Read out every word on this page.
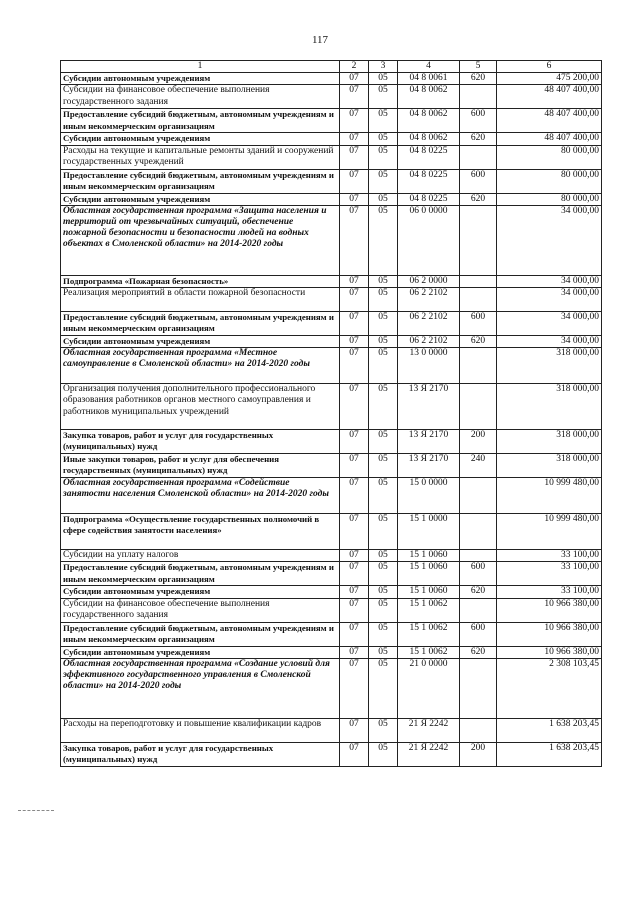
117
1	2	3	4	5	6
Субсидии автономным учреждениям	07	05	04 8 0061	620	475 200,00
Субсидии на финансовое обеспечение выполнения государственного задания	07	05	04 8 0062		48 407 400,00
Предоставление субсидий бюджетным, автономным учреждениям и иным некоммерческим организациям	07	05	04 8 0062	600	48 407 400,00
Субсидии автономным учреждениям	07	05	04 8 0062	620	48 407 400,00
Расходы на текущие и капитальные ремонты зданий и сооружений государственных учреждений	07	05	04 8 0225		80 000,00
Предоставление субсидий бюджетным, автономным учреждениям и иным некоммерческим организациям	07	05	04 8 0225	600	80 000,00
Субсидии автономным учреждениям	07	05	04 8 0225	620	80 000,00
Областная государственная программа «Защита населения и территорий от чрезвычайных ситуаций, обеспечение пожарной безопасности и безопасности людей на водных объектах в Смоленской области» на 2014-2020 годы	07	05	06 0 0000		34 000,00
Подпрограмма «Пожарная безопасность»	07	05	06 2 0000		34 000,00
Реализация мероприятий в области пожарной безопасности	07	05	06 2 2102		34 000,00
Предоставление субсидий бюджетным, автономным учреждениям и иным некоммерческим организациям	07	05	06 2 2102	600	34 000,00
Субсидии автономным учреждениям	07	05	06 2 2102	620	34 000,00
Областная государственная программа «Местное самоуправление в Смоленской области» на 2014-2020 годы	07	05	13 0 0000		318 000,00
Организация получения дополнительного профессионального образования работников органов местного самоуправления и работников муниципальных учреждений	07	05	13 Я 2170		318 000,00
Закупка товаров, работ и услуг для государственных (муниципальных) нужд	07	05	13 Я 2170	200	318 000,00
Иные закупки товаров, работ и услуг для обеспечения государственных (муниципальных) нужд	07	05	13 Я 2170	240	318 000,00
Областная государственная программа «Содействие занятости населения Смоленской области» на 2014-2020 годы	07	05	15 0 0000		10 999 480,00
Подпрограмма «Осуществление государственных полномочий в сфере содействия занятости населения»	07	05	15 1 0000		10 999 480,00
Субсидии на уплату налогов	07	05	15 1 0060		33 100,00
Предоставление субсидий бюджетным, автономным учреждениям и иным некоммерческим организациям	07	05	15 1 0060	600	33 100,00
Субсидии автономным учреждениям	07	05	15 1 0060	620	33 100,00
Субсидии на финансовое обеспечение выполнения государственного задания	07	05	15 1 0062		10 966 380,00
Предоставление субсидий бюджетным, автономным учреждениям и иным некоммерческим организациям	07	05	15 1 0062	600	10 966 380,00
Субсидии автономным учреждениям	07	05	15 1 0062	620	10 966 380,00
Областная государственная программа «Создание условий для эффективного государственного управления в Смоленской области» на 2014-2020 годы	07	05	21 0 0000		2 308 103,45
Расходы на переподготовку и повышение квалификации кадров	07	05	21 Я 2242		1 638 203,45
Закупка товаров, работ и услуг для государственных (муниципальных) нужд	07	05	21 Я 2242	200	1 638 203,45
